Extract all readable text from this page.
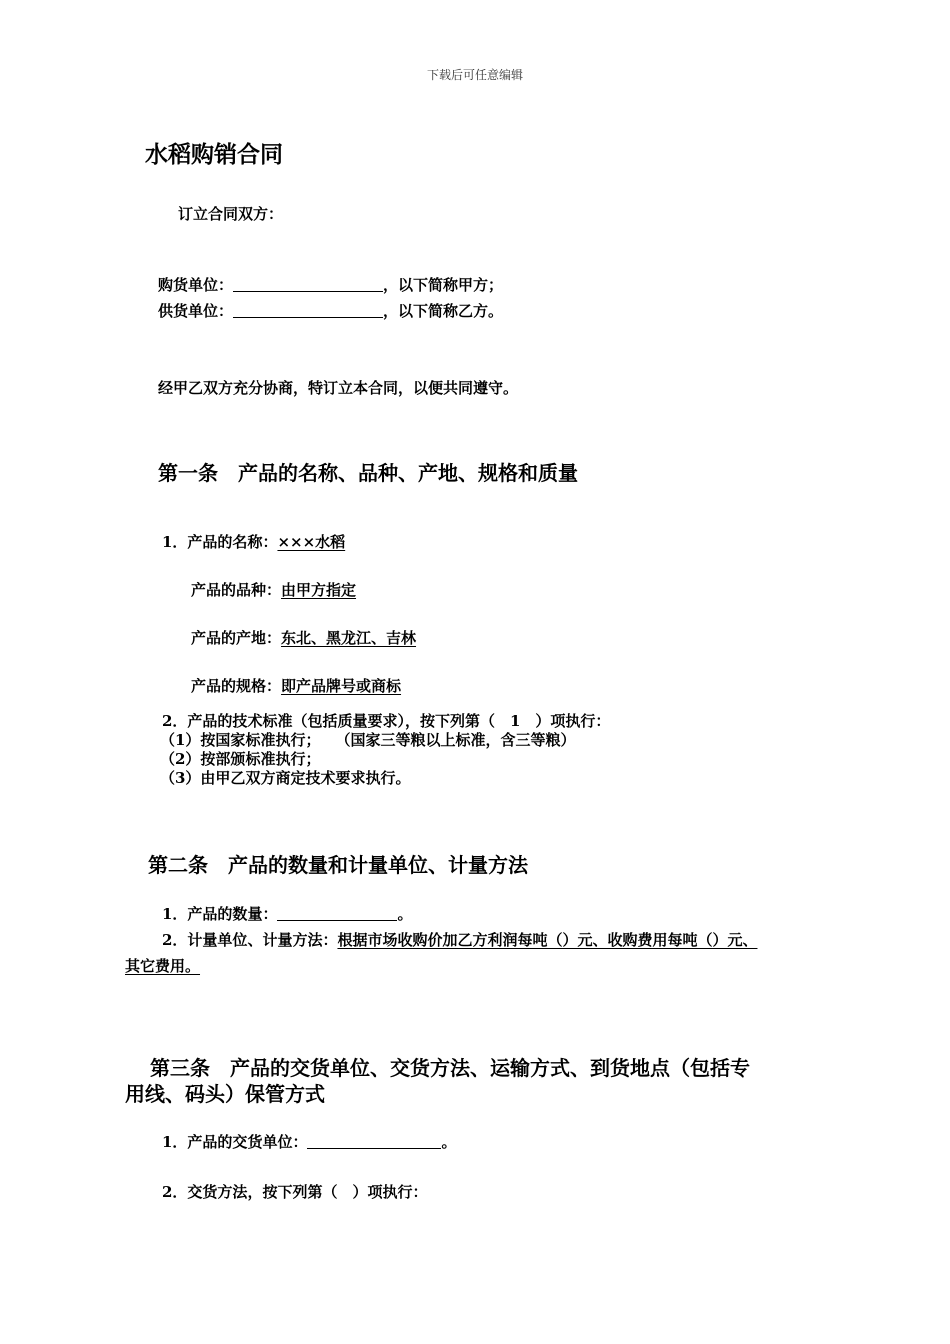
下载后可任意编辑
水稻购销合同
订立合同双方：
购货单位：	，以下简称甲方；
供货单位：	，以下简称乙方。
经甲乙双方充分协商，特订立本合同，以便共同遵守。
第一条　产品的名称、品种、产地、规格和质量
1．产品的名称：×××水稻
产品的品种：由甲方指定
产品的产地：东北、黑龙江、吉林
产品的规格：即产品牌号或商标
2．产品的技术标准（包括质量要求），按下列第（　1　）项执行：
（1）按国家标准执行；　　（国家三等粮以上标准，含三等粮）
（2）按部颁标准执行；
（3）由甲乙双方商定技术要求执行。
第二条　产品的数量和计量单位、计量方法
1．产品的数量：	。
2．计量单位、计量方法：根据市场收购价加乙方利润每吨（）元、收购费用每吨（）元、
其它费用。
第三条　产品的交货单位、交货方法、运输方式、到货地点（包括专
用线、码头）保管方式
1．产品的交货单位：	。
2．交货方法，按下列第（　）项执行：
